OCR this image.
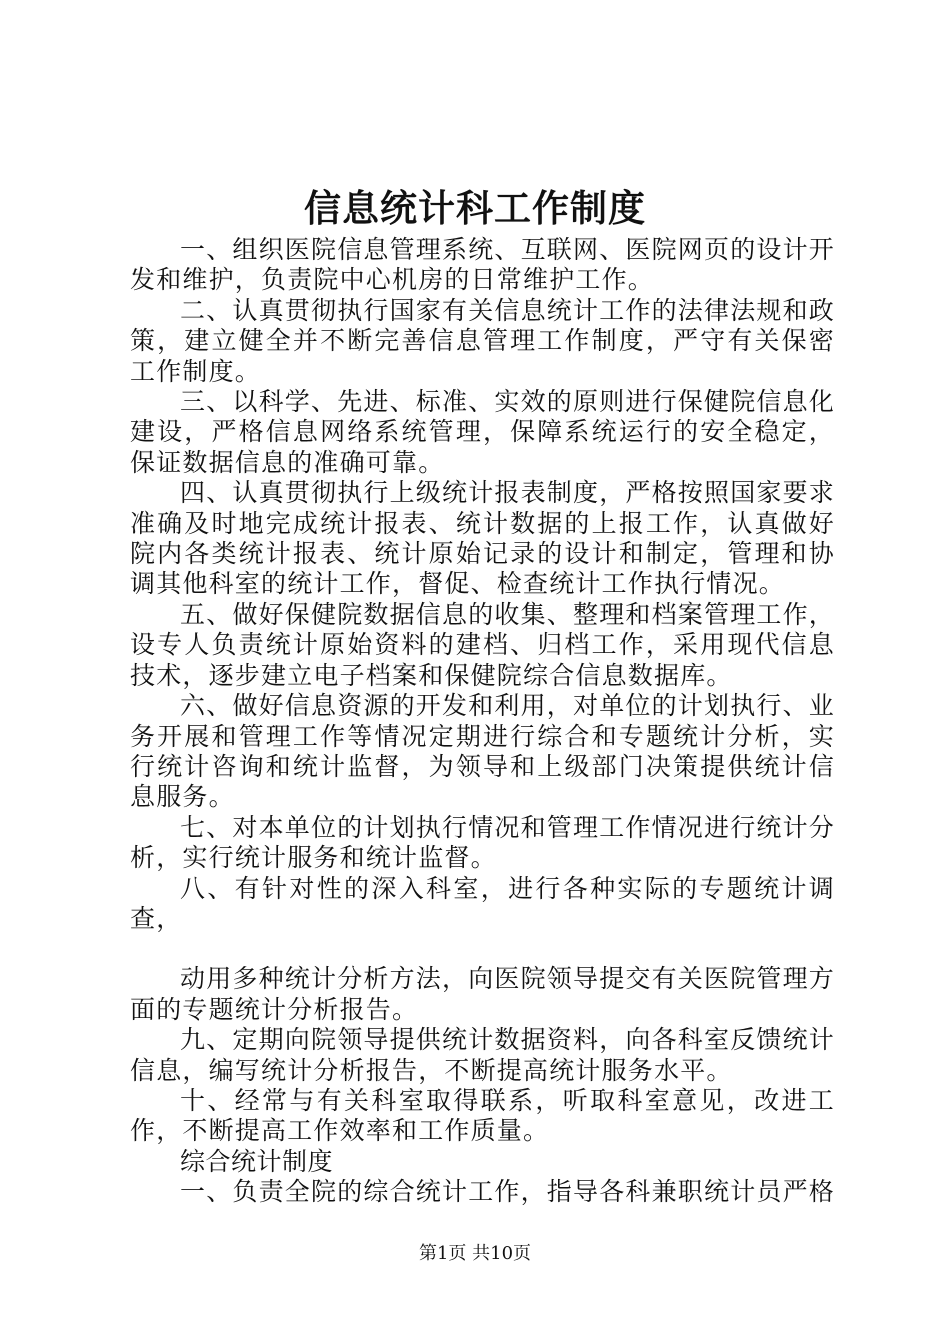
信息统计科工作制度

一、组织医院信息管理系统、互联网、医院网页的设计开发和维护，负责院中心机房的日常维护工作。

二、认真贯彻执行国家有关信息统计工作的法律法规和政策，建立健全并不断完善信息管理工作制度，严守有关保密工作制度。

三、以科学、先进、标准、实效的原则进行保健院信息化建设，严格信息网络系统管理，保障系统运行的安全稳定，保证数据信息的准确可靠。

四、认真贯彻执行上级统计报表制度，严格按照国家要求准确及时地完成统计报表、统计数据的上报工作，认真做好院内各类统计报表、统计原始记录的设计和制定，管理和协调其他科室的统计工作，督促、检查统计工作执行情况。

五、做好保健院数据信息的收集、整理和档案管理工作，设专人负责统计原始资料的建档、归档工作，采用现代信息技术，逐步建立电子档案和保健院综合信息数据库。

六、做好信息资源的开发和利用，对单位的计划执行、业务开展和管理工作等情况定期进行综合和专题统计分析，实行统计咨询和统计监督，为领导和上级部门决策提供统计信息服务。

七、对本单位的计划执行情况和管理工作情况进行统计分析，实行统计服务和统计监督。

八、有针对性的深入科室，进行各种实际的专题统计调查，

动用多种统计分析方法，向医院领导提交有关医院管理方面的专题统计分析报告。

九、定期向院领导提供统计数据资料，向各科室反馈统计信息，编写统计分析报告，不断提高统计服务水平。

十、经常与有关科室取得联系，听取科室意见，改进工作，不断提高工作效率和工作质量。

综合统计制度

一、负责全院的综合统计工作，指导各科兼职统计员严格

第1页 共10页
